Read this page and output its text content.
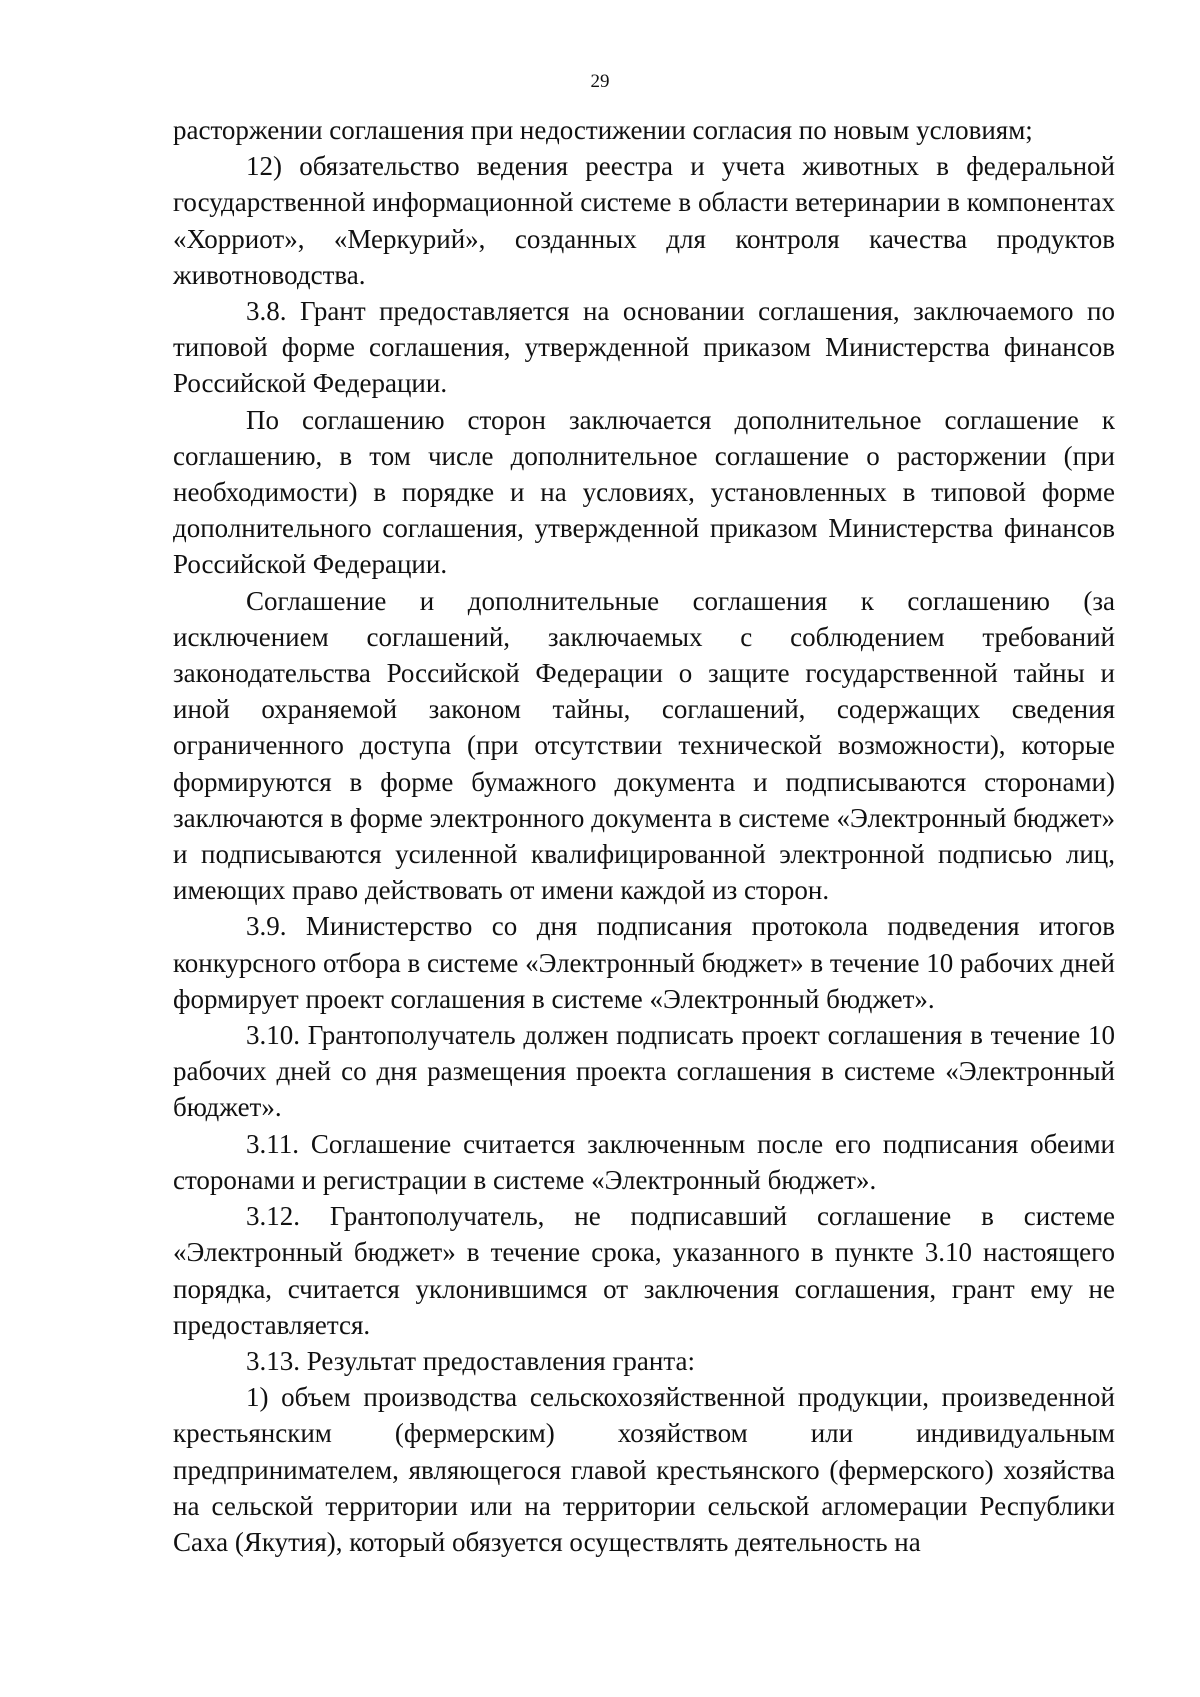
29

расторжении соглашения при недостижении согласия по новым условиям;

12) обязательство ведения реестра и учета животных в федеральной государственной информационной системе в области ветеринарии в компонентах «Хорриот», «Меркурий», созданных для контроля качества продуктов животноводства.

3.8. Грант предоставляется на основании соглашения, заключаемого по типовой форме соглашения, утвержденной приказом Министерства финансов Российской Федерации.

По соглашению сторон заключается дополнительное соглашение к соглашению, в том числе дополнительное соглашение о расторжении (при необходимости) в порядке и на условиях, установленных в типовой форме дополнительного соглашения, утвержденной приказом Министерства финансов Российской Федерации.

Соглашение и дополнительные соглашения к соглашению (за исключением соглашений, заключаемых с соблюдением требований законодательства Российской Федерации о защите государственной тайны и иной охраняемой законом тайны, соглашений, содержащих сведения ограниченного доступа (при отсутствии технической возможности), которые формируются в форме бумажного документа и подписываются сторонами) заключаются в форме электронного документа в системе «Электронный бюджет» и подписываются усиленной квалифицированной электронной подписью лиц, имеющих право действовать от имени каждой из сторон.

3.9. Министерство со дня подписания протокола подведения итогов конкурсного отбора в системе «Электронный бюджет» в течение 10 рабочих дней формирует проект соглашения в системе «Электронный бюджет».

3.10. Грантополучатель должен подписать проект соглашения в течение 10 рабочих дней со дня размещения проекта соглашения в системе «Электронный бюджет».

3.11. Соглашение считается заключенным после его подписания обеими сторонами и регистрации в системе «Электронный бюджет».

3.12. Грантополучатель, не подписавший соглашение в системе «Электронный бюджет» в течение срока, указанного в пункте 3.10 настоящего порядка, считается уклонившимся от заключения соглашения, грант ему не предоставляется.

3.13. Результат предоставления гранта:

1) объем производства сельскохозяйственной продукции, произведенной крестьянским (фермерским) хозяйством или индивидуальным предпринимателем, являющегося главой крестьянского (фермерского) хозяйства на сельской территории или на территории сельской агломерации Республики Саха (Якутия), который обязуется осуществлять деятельность на
